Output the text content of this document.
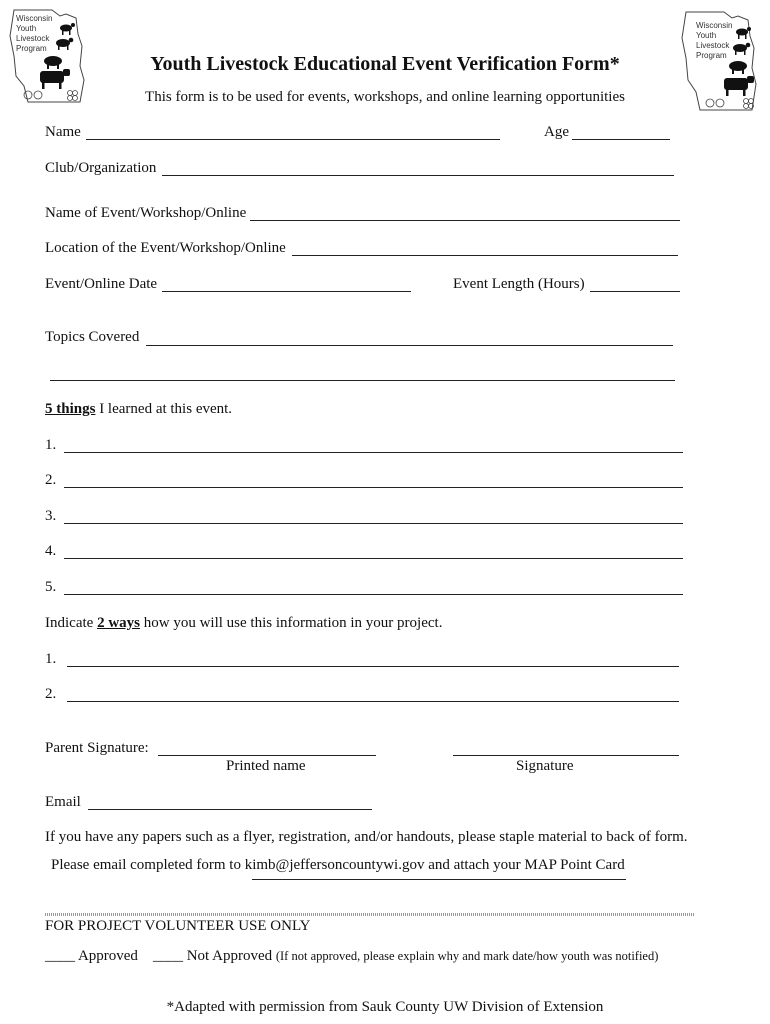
Wisconsin
Youth
Livestock
Program
Wisconsin
Youth
Livestock
Program
Youth Livestock Educational Event Verification Form*
This form is to be used for events, workshops, and online learning opportunities
Name	Age
Club/Organization
Name of Event/Workshop/Online
Location of the Event/Workshop/Online
Event/Online Date	Event Length (Hours)
Topics Covered
5 things I learned at this event.
1.
2.
3.
4.
5.
Indicate 2 ways how you will use this information in your project.
1.
2.
Parent Signature:
Printed name	Signature
Email
If you have any papers such as a flyer, registration, and/or handouts, please staple material to back of form.
Please email completed form to kimb@jeffersoncountywi.gov and attach your MAP Point Card
FOR PROJECT VOLUNTEER USE ONLY
____ Approved ____ Not Approved (If not approved, please explain why and mark date/how youth was notified)
*Adapted with permission from Sauk County UW Division of Extension
